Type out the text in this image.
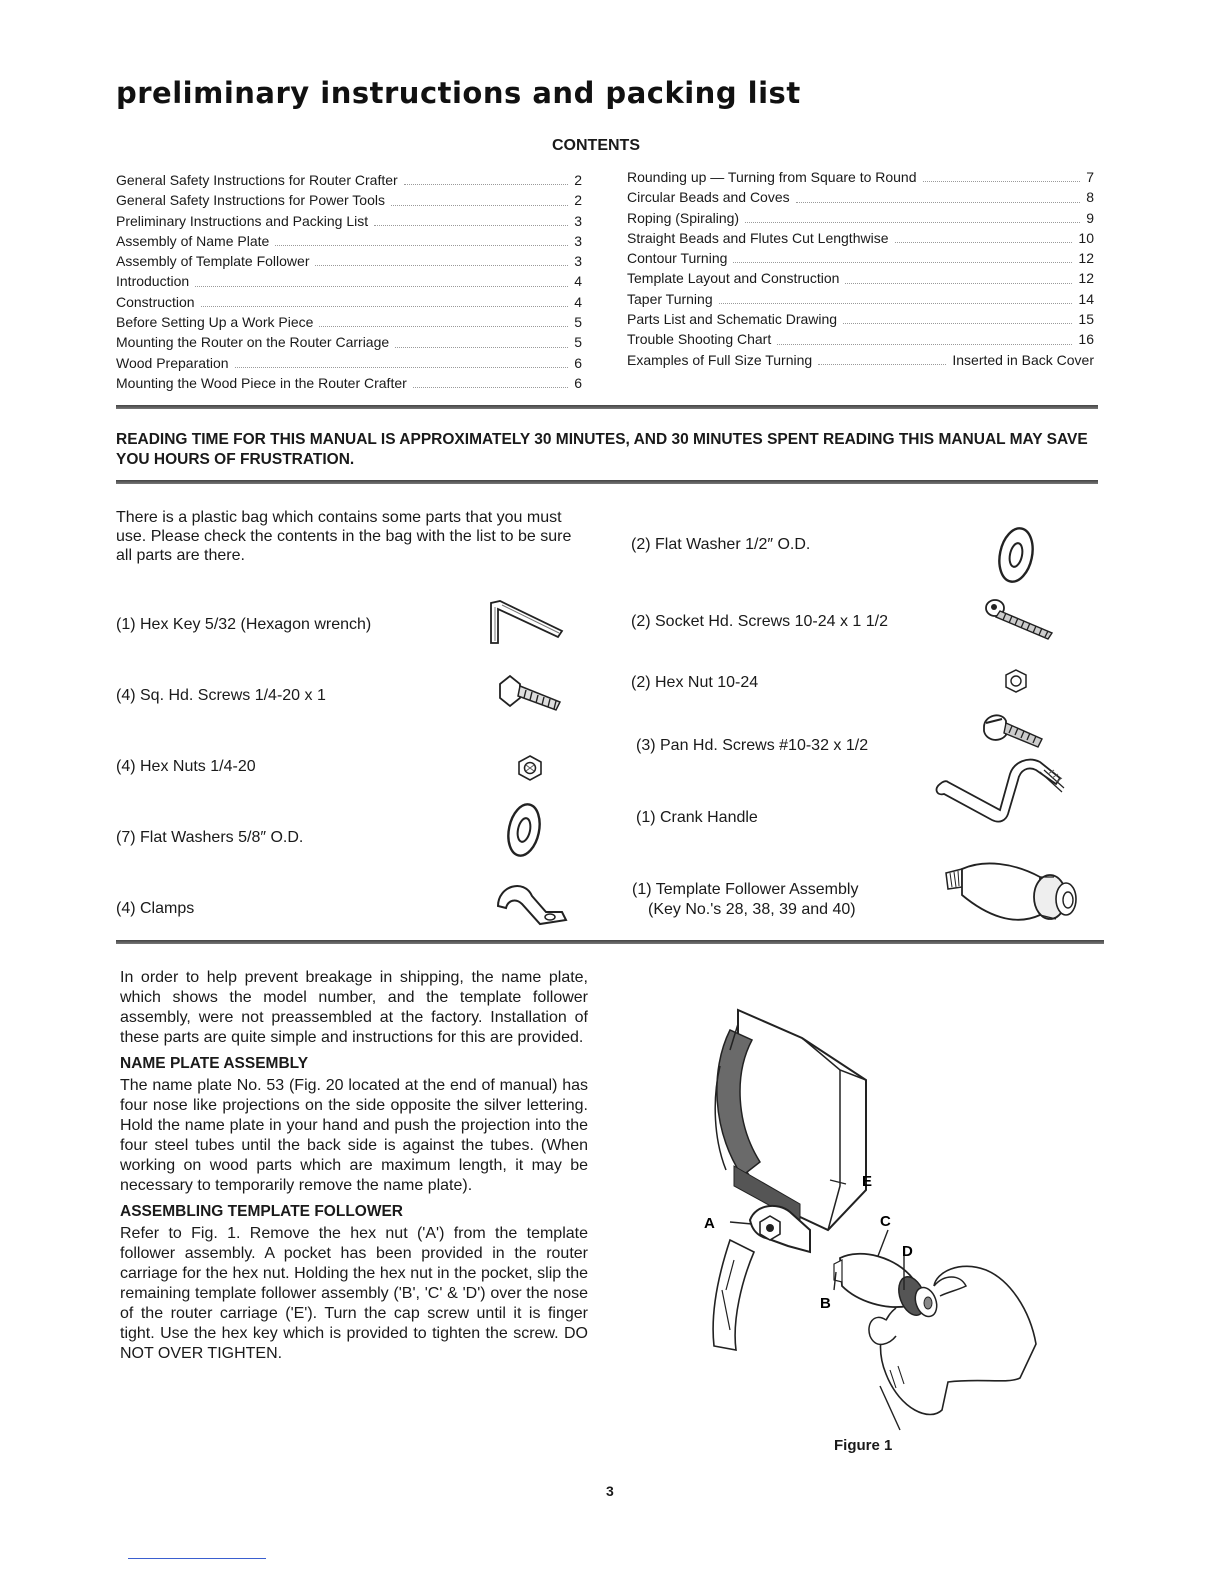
preliminary instructions and packing list
CONTENTS
General Safety Instructions for Router Crafter	2
General Safety Instructions for Power Tools	2
Preliminary Instructions and Packing List	3
Assembly of Name Plate	3
Assembly of Template Follower	3
Introduction	4
Construction	4
Before Setting Up a Work Piece	5
Mounting the Router on the Router Carriage	5
Wood Preparation	6
Mounting the Wood Piece in the Router Crafter	6
Rounding up — Turning from Square to Round	7
Circular Beads and Coves	8
Roping (Spiraling)	9
Straight Beads and Flutes Cut Lengthwise	10
Contour Turning	12
Template Layout and Construction	12
Taper Turning	14
Parts List and Schematic Drawing	15
Trouble Shooting Chart	16
Examples of Full Size Turning	Inserted in Back Cover
READING TIME FOR THIS MANUAL IS APPROXIMATELY 30 MINUTES, AND 30 MINUTES SPENT READING THIS MANUAL MAY SAVE YOU HOURS OF FRUSTRATION.
There is a plastic bag which contains some parts that you must use. Please check the contents in the bag with the list to be sure all parts are there.
(1) Hex Key 5/32 (Hexagon wrench)
(4) Sq. Hd. Screws 1/4-20 x 1
(4) Hex Nuts 1/4-20
(7) Flat Washers 5/8″ O.D.
(4) Clamps
(2) Flat Washer 1/2″ O.D.
(2) Socket Hd. Screws 10-24 x 1 1/2
(2) Hex Nut 10-24
(3) Pan Hd. Screws #10-32 x 1/2
(1) Crank Handle
(1) Template Follower Assembly
(Key No.'s 28, 38, 39 and 40)
In order to help prevent breakage in shipping, the name plate, which shows the model number, and the template follower assembly, were not preassembled at the factory. Installation of these parts are quite simple and instructions for this are provided.
NAME PLATE ASSEMBLY
The name plate No. 53 (Fig. 20 located at the end of manual) has four nose like projections on the side opposite the silver lettering. Hold the name plate in your hand and push the projection into the four steel tubes until the back side is against the tubes. (When working on wood parts which are maximum length, it may be necessary to temporarily remove the name plate).
ASSEMBLING TEMPLATE FOLLOWER
Refer to Fig. 1. Remove the hex nut ('A') from the template follower assembly. A pocket has been provided in the router carriage for the hex nut. Holding the hex nut in the pocket, slip the remaining template follower assembly ('B', 'C' & 'D') over the nose of the router carriage ('E'). Turn the cap screw until it is finger tight. Use the hex key which is provided to tighten the screw. DO NOT OVER TIGHTEN.
A
E
C
D
B
Figure 1
3
